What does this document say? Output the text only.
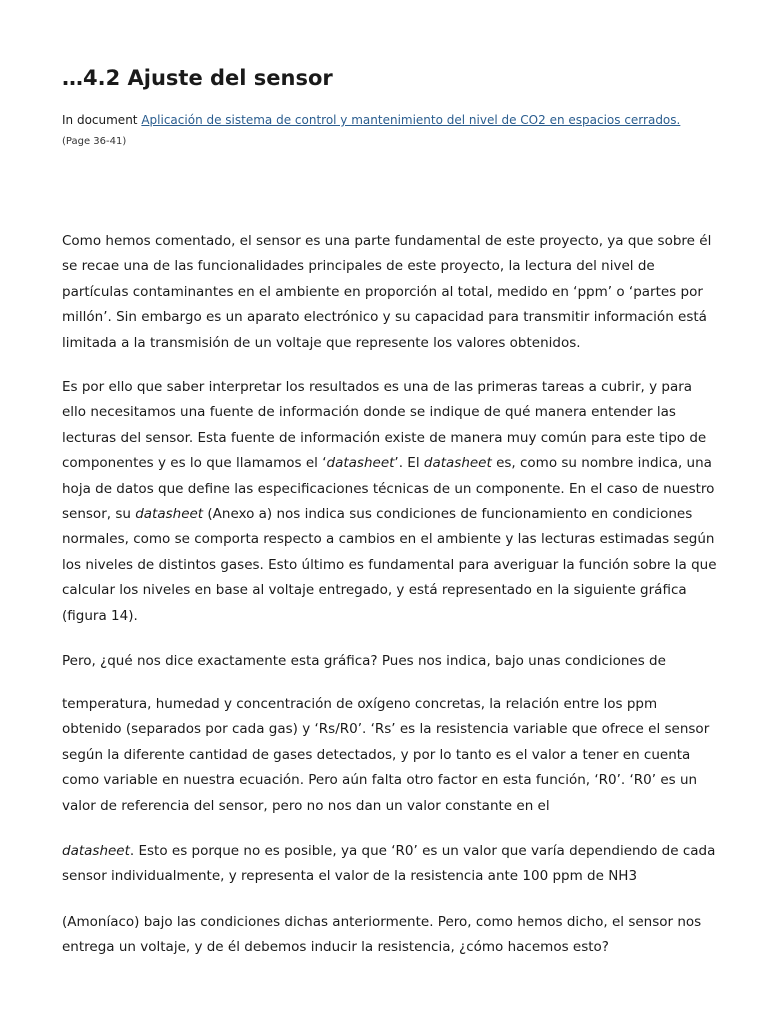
…4.2 Ajuste del sensor
In document Aplicación de sistema de control y mantenimiento del nivel de CO2 en espacios cerrados.
(Page 36-41)

Como hemos comentado, el sensor es una parte fundamental de este proyecto, ya que sobre él se recae una de las funcionalidades principales de este proyecto, la lectura del nivel de partículas contaminantes en el ambiente en proporción al total, medido en ‘ppm’ o ‘partes por millón’. Sin embargo es un aparato electrónico y su capacidad para transmitir información está limitada a la transmisión de un voltaje que represente los valores obtenidos.

Es por ello que saber interpretar los resultados es una de las primeras tareas a cubrir, y para ello necesitamos una fuente de información donde se indique de qué manera entender las lecturas del sensor. Esta fuente de información existe de manera muy común para este tipo de componentes y es lo que llamamos el ‘datasheet’. El datasheet es, como su nombre indica, una hoja de datos que define las especificaciones técnicas de un componente. En el caso de nuestro sensor, su datasheet (Anexo a) nos indica sus condiciones de funcionamiento en condiciones normales, como se comporta respecto a cambios en el ambiente y las lecturas estimadas según los niveles de distintos gases. Esto último es fundamental para averiguar la función sobre la que calcular los niveles en base al voltaje entregado, y está representado en la siguiente gráfica (figura 14).

Pero, ¿qué nos dice exactamente esta gráfica? Pues nos indica, bajo unas condiciones de

temperatura, humedad y concentración de oxígeno concretas, la relación entre los ppm obtenido (separados por cada gas) y ‘Rs/R0’. ‘Rs’ es la resistencia variable que ofrece el sensor según la diferente cantidad de gases detectados, y por lo tanto es el valor a tener en cuenta como variable en nuestra ecuación. Pero aún falta otro factor en esta función, ‘R0’. ‘R0’ es un valor de referencia del sensor, pero no nos dan un valor constante en el

datasheet. Esto es porque no es posible, ya que ‘R0’ es un valor que varía dependiendo de cada sensor individualmente, y representa el valor de la resistencia ante 100 ppm de NH3

(Amoníaco) bajo las condiciones dichas anteriormente. Pero, como hemos dicho, el sensor nos entrega un voltaje, y de él debemos inducir la resistencia, ¿cómo hacemos esto?
